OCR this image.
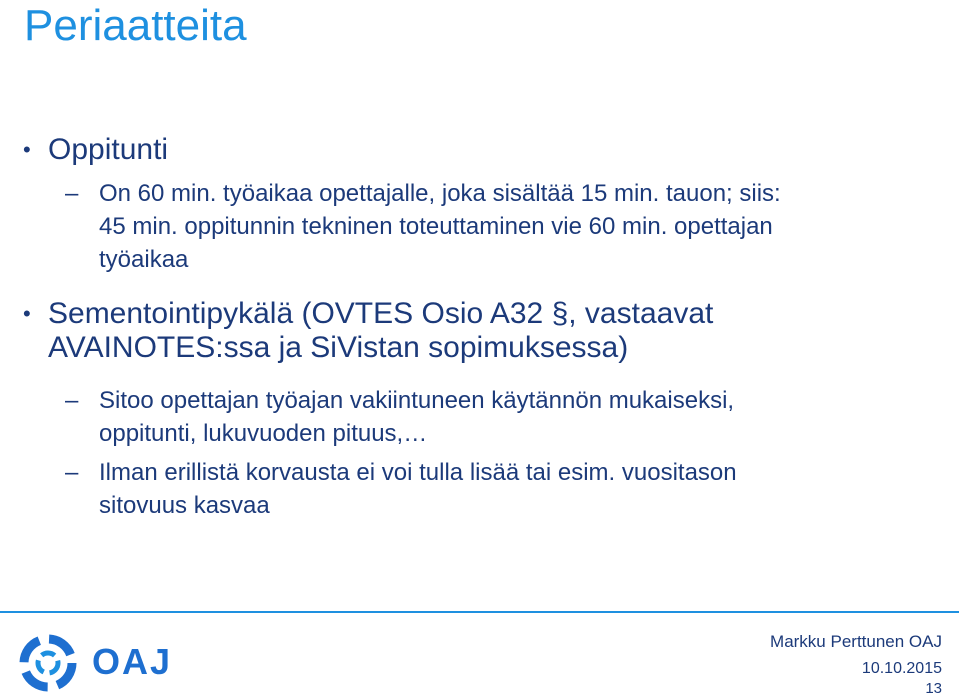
Periaatteita
• Oppitunti
– On 60 min. työaikaa opettajalle, joka sisältää 15 min. tauon; siis:
45 min. oppitunnin tekninen toteuttaminen vie 60 min. opettajan
työaikaa
• Sementointipykälä (OVTES Osio A32 §, vastaavat
AVAINOTES:ssa ja SiVistan sopimuksessa)
– Sitoo opettajan työajan vakiintuneen käytännön mukaiseksi,
oppitunti, lukuvuoden pituus,…
– Ilman erillistä korvausta ei voi tulla lisää tai esim. vuositason
sitovuus kasvaa
OAJ	Markku Perttunen OAJ
10.10.2015
13
